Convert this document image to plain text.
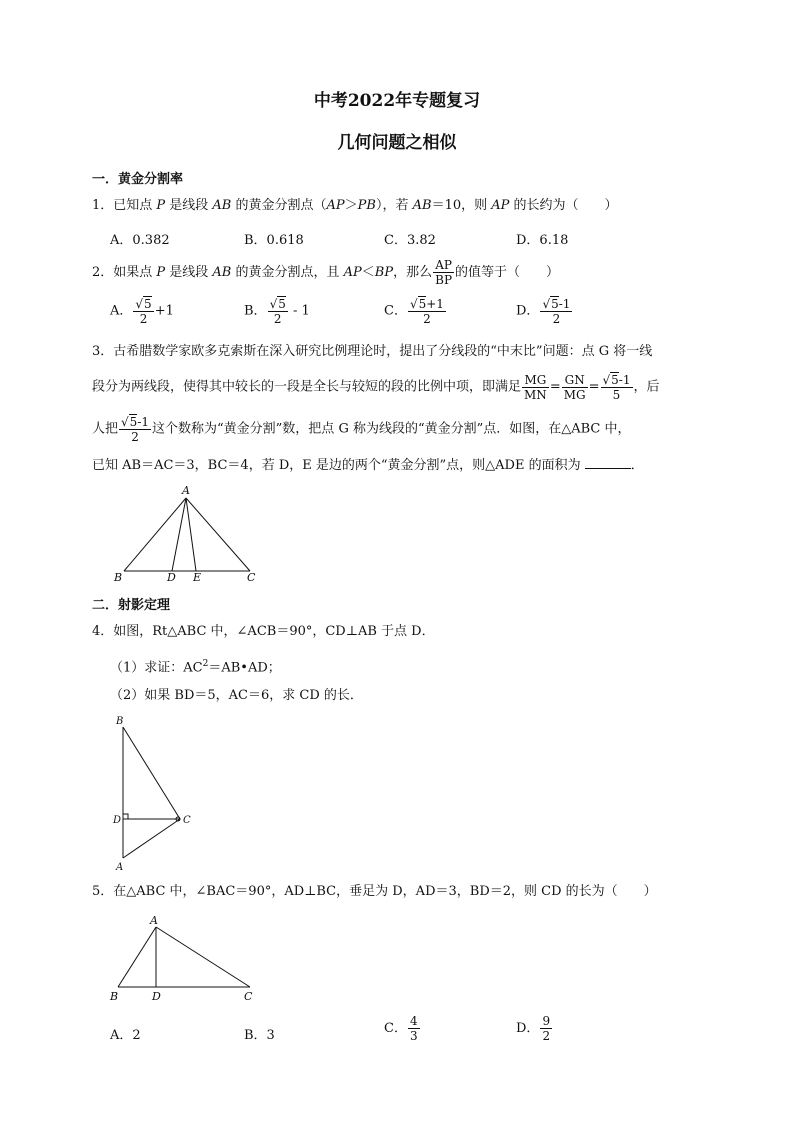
中考2022年专题复习
几何问题之相似
一．黄金分割率
1．已知点 P 是线段 AB 的黄金分割点（AP＞PB），若 AB＝10，则 AP 的长约为（　　）
A．0.382	B．0.618	C．3.82	D．6.18
2．如果点 P 是线段 AB 的黄金分割点，且 AP＜BP，那么 $\frac{AP}{BP}$ 的值等于（　　）
A． $\frac{√5}{2} +1$	B． $\frac{√5}{2} - 1$	C． $\frac{√5+1}{2}$	D． $\frac{√5-1}{2}$
3．古希腊数学家欧多克索斯在深入研究比例理论时，提出了分线段的“中末比”问题：点 G 将一线
段分为两线段，使得其中较长的一段是全长与较短的段的比例中项，即满足 $\frac{MG}{MN} = \frac{GN}{MG} = \frac{√5-1}{5}$ ，后
人把 $\frac{√5-1}{2}$ 这个数称为“黄金分割”数，把点 G 称为线段的“黄金分割”点．如图，在△ABC 中，
已知 AB＝AC＝3，BC＝4，若 D，E 是边的两个“黄金分割”点，则△ADE 的面积为	．
A
B	D E	C
二．射影定理
4．如图，Rt△ABC 中，∠ACB＝90°，CD⊥AB 于点 D．
（1）求证：$AC^2=AB•AD$；
（2）如果 BD＝5，AC＝6，求 CD 的长．
B
D	C
A
5．在△ABC 中，∠BAC＝90°，AD⊥BC，垂足为 D，AD＝3，BD＝2，则 CD 的长为（　　）
A
B	D	C
A．2	B．3	C． $\frac{4}{3}$	D． $\frac{9}{2}$
